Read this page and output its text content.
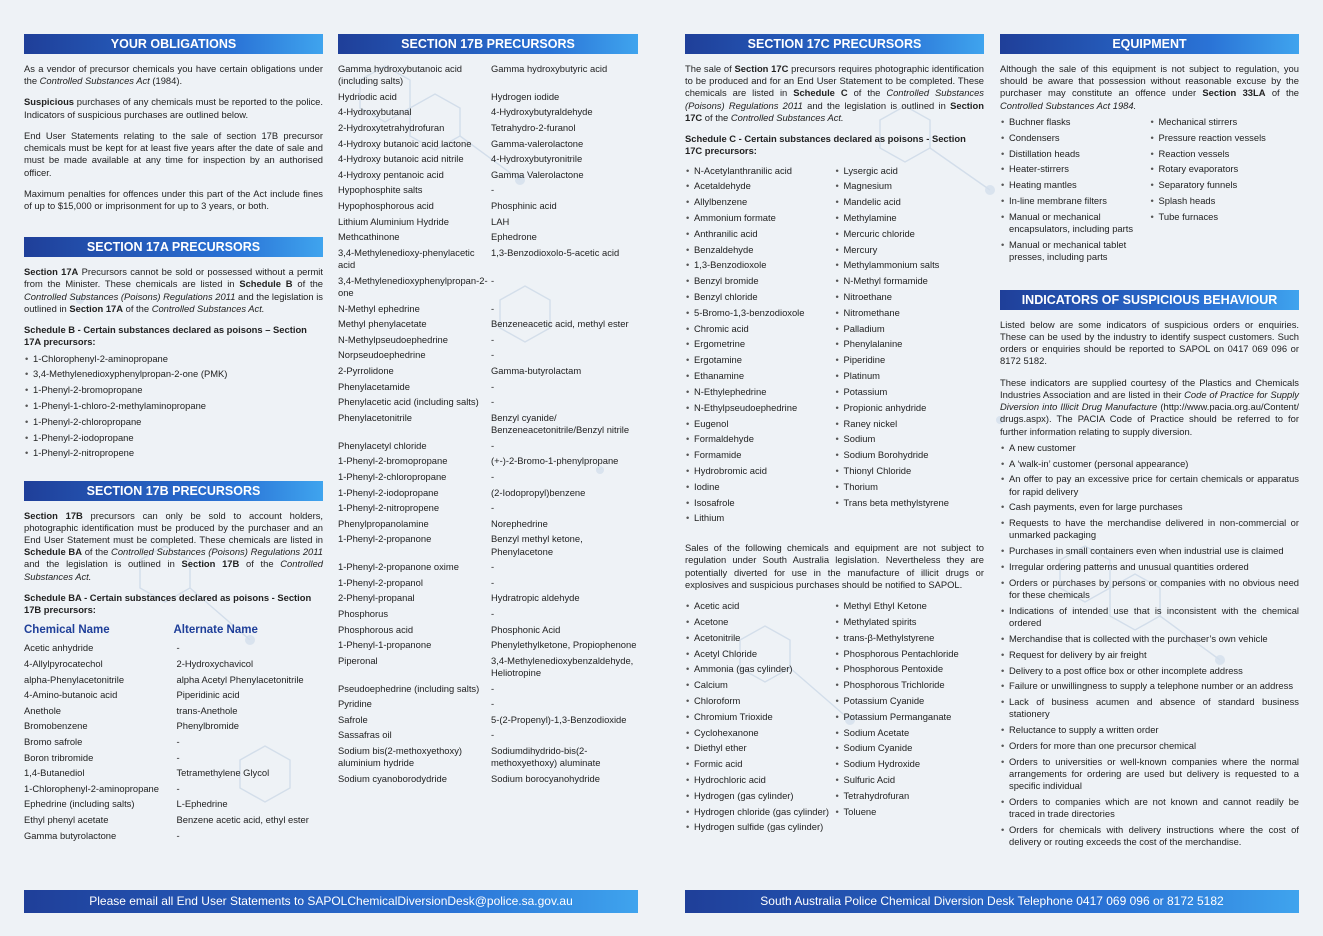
YOUR OBLIGATIONS

As a vendor of precursor chemicals you have certain obligations under the Controlled Substances Act (1984).

Suspicious purchases of any chemicals must be reported to the police. Indicators of suspicious purchases are outlined below.

End User Statements relating to the sale of section 17B precursor chemicals must be kept for at least five years after the date of sale and must be made available at any time for inspection by an authorised officer.

Maximum penalties for offences under this part of the Act include fines of up to $15,000 or imprisonment for up to 3 years, or both.

SECTION 17A PRECURSORS

Section 17A Precursors cannot be sold or possessed without a permit from the Minister. These chemicals are listed in Schedule B of the Controlled Substances (Poisons) Regulations 2011 and the legislation is outlined in Section 17A of the Controlled Substances Act.

Schedule B - Certain substances declared as poisons – Section 17A precursors:

• 1-Chlorophenyl-2-aminopropane
• 3,4-Methylenedioxyphenylpropan-2-one (PMK)
• 1-Phenyl-2-bromopropane
• 1-Phenyl-1-chloro-2-methylaminopropane
• 1-Phenyl-2-chloropropane
• 1-Phenyl-2-iodopropane
• 1-Phenyl-2-nitropropene
SECTION 17B PRECURSORS

Section 17B precursors can only be sold to account holders, photographic identification must be produced by the purchaser and an End User Statement must be completed. These chemicals are listed in Schedule BA of the Controlled Substances (Poisons) Regulations 2011 and the legislation is outlined in Section 17B of the Controlled Substances Act.

Schedule BA - Certain substances declared as poisons - Section 17B precursors:

Chemical Name	Alternate Name
Acetic anhydride	-
4-Allylpyrocatechol	2-Hydroxychavicol
alpha-Phenylacetonitrile	alpha Acetyl Phenylacetonitrile
4-Amino-butanoic acid	Piperidinic acid
Anethole	trans-Anethole
Bromobenzene	Phenylbromide
Bromo safrole	-
Boron tribromide	-
1,4-Butanediol	Tetramethylene Glycol
1-Chlorophenyl-2-aminopropane	-
Ephedrine (including salts)	L-Ephedrine
Ethyl phenyl acetate	Benzene acetic acid, ethyl ester
Gamma butyrolactone	-
SECTION 17B PRECURSORS
Gamma hydroxybutanoic acid (including salts)	Gamma hydroxybutyric acid
Hydriodic acid	Hydrogen iodide
4-Hydroxybutanal	4-Hydroxybutyraldehyde
2-Hydroxytetrahydrofuran	Tetrahydro-2-furanol
4-Hydroxy butanoic acid lactone	Gamma-valerolactone
4-Hydroxy butanoic acid nitrile	4-Hydroxybutyronitrile
4-Hydroxy pentanoic acid	Gamma Valerolactone
Hypophosphite salts	-
Hypophosphorous acid	Phosphinic acid
Lithium Aluminium Hydride	LAH
Methcathinone	Ephedrone
3,4-Methylenedioxy-phenylacetic acid	1,3-Benzodioxolo-5-acetic acid
3,4-Methylenedioxyphenylpropan-2-one	-
N-Methyl ephedrine	-
Methyl phenylacetate	Benzeneacetic acid, methyl ester
N-Methylpseudoephedrine	-
Norpseudoephedrine	-
2-Pyrrolidone	Gamma-butyrolactam
Phenylacetamide	-
Phenylacetic acid (including salts)	-
Phenylacetonitrile	Benzyl cyanide/ Benzeneacetonitrile/Benzyl nitrile
Phenylacetyl chloride	-
1-Phenyl-2-bromopropane	(+-)-2-Bromo-1-phenylpropane
1-Phenyl-2-chloropropane	-
1-Phenyl-2-iodopropane	(2-Iodopropyl)benzene
1-Phenyl-2-nitropropene	-
Phenylpropanolamine	Norephedrine
1-Phenyl-2-propanone	Benzyl methyl ketone, Phenylacetone
1-Phenyl-2-propanone oxime	-
1-Phenyl-2-propanol	-
2-Phenyl-propanal	Hydratropic aldehyde
Phosphorus	-
Phosphorous acid	Phosphonic Acid
1-Phenyl-1-propanone	Phenylethylketone, Propiophenone
Piperonal	3,4-Methylenedioxybenzaldehyde, Heliotropine
Pseudoephedrine (including salts)	-
Pyridine	-
Safrole	5-(2-Propenyl)-1,3-Benzodioxide
Sassafras oil	-
Sodium bis(2-methoxyethoxy) aluminium hydride	Sodiumdihydrido-bis(2-methoxyethoxy) aluminate
Sodium cyanoborodydride	Sodium borocyanohydride
SECTION 17C PRECURSORS

The sale of Section 17C precursors requires photographic identification to be produced and for an End User Statement to be completed. These chemicals are listed in Schedule C of the Controlled Substances (Poisons) Regulations 2011 and the legislation is outlined in Section 17C of the Controlled Substances Act.

Schedule C - Certain substances declared as poisons - Section 17C precursors:

• N-Acetylanthranilic acid
• Acetaldehyde
• Allylbenzene
• Ammonium formate
• Anthranilic acid
• Benzaldehyde
• 1,3-Benzodioxole
• Benzyl bromide
• Benzyl chloride
• 5-Bromo-1,3-benzodioxole
• Chromic acid
• Ergometrine
• Ergotamine
• Ethanamine
• N-Ethylephedrine
• N-Ethylpseudoephedrine
• Eugenol
• Formaldehyde
• Formamide
• Hydrobromic acid
• Iodine
• Isosafrole
• Lithium
• Lysergic acid
• Magnesium
• Mandelic acid
• Methylamine
• Mercuric chloride
• Mercury
• Methylammonium salts
• N-Methyl formamide
• Nitroethane
• Nitromethane
• Palladium
• Phenylalanine
• Piperidine
• Platinum
• Potassium
• Propionic anhydride
• Raney nickel
• Sodium
• Sodium Borohydride
• Thionyl Chloride
• Thorium
• Trans beta methylstyrene

Sales of the following chemicals and equipment are not subject to regulation under South Australia legislation. Nevertheless they are potentially diverted for use in the manufacture of illicit drugs or explosives and suspicious purchases should be notified to SAPOL.

• Acetic acid
• Acetone
• Acetonitrile
• Acetyl Chloride
• Ammonia (gas cylinder)
• Calcium
• Chloroform
• Chromium Trioxide
• Cyclohexanone
• Diethyl ether
• Formic acid
• Hydrochloric acid
• Hydrogen (gas cylinder)
• Hydrogen chloride (gas cylinder)
• Hydrogen sulfide (gas cylinder)
• Methyl Ethyl Ketone
• Methylated spirits
• trans-β-Methylstyrene
• Phosphorous Pentachloride
• Phosphorous Pentoxide
• Phosphorous Trichloride
• Potassium Cyanide
• Potassium Permanganate
• Sodium Acetate
• Sodium Cyanide
• Sodium Hydroxide
• Sulfuric Acid
• Tetrahydrofuran
• Toluene
EQUIPMENT

Although the sale of this equipment is not subject to regulation, you should be aware that possession without reasonable excuse by the purchaser may constitute an offence under Section 33LA of the Controlled Substances Act 1984.

• Buchner flasks
• Condensers
• Distillation heads
• Heater-stirrers
• Heating mantles
• In-line membrane filters
• Manual or mechanical encapsulators, including parts
• Manual or mechanical tablet presses, including parts
• Mechanical stirrers
• Pressure reaction vessels
• Reaction vessels
• Rotary evaporators
• Separatory funnels
• Splash heads
• Tube furnaces
INDICATORS OF SUSPICIOUS BEHAVIOUR

Listed below are some indicators of suspicious orders or enquiries. These can be used by the industry to identify suspect customers. Such orders or enquiries should be reported to SAPOL on 0417 069 096 or 8172 5182.

These indicators are supplied courtesy of the Plastics and Chemicals Industries Association and are listed in their Code of Practice for Supply Diversion into Illicit Drug Manufacture (http://www.pacia.org.au/Content/ drugs.aspx). The PACIA Code of Practice should be referred to for further information relating to supply diversion.

• A new customer
• A ‘walk-in’ customer (personal appearance)
• An offer to pay an excessive price for certain chemicals or apparatus for rapid delivery
• Cash payments, even for large purchases
• Requests to have the merchandise delivered in non-commercial or unmarked packaging
• Purchases in small containers even when industrial use is claimed
• Irregular ordering patterns and unusual quantities ordered
• Orders or purchases by persons or companies with no obvious need for these chemicals
• Indications of intended use that is inconsistent with the chemical ordered
• Merchandise that is collected with the purchaser’s own vehicle
• Request for delivery by air freight
• Delivery to a post office box or other incomplete address
• Failure or unwillingness to supply a telephone number or an address
• Lack of business acumen and absence of standard business stationery
• Reluctance to supply a written order
• Orders for more than one precursor chemical
• Orders to universities or well-known companies where the normal arrangements for ordering are used but delivery is requested to a specific individual
• Orders to companies which are not known and cannot readily be traced in trade directories
• Orders for chemicals with delivery instructions where the cost of delivery or routing exceeds the cost of the merchandise.
Please email all End User Statements to SAPOLChemicalDiversionDesk@police.sa.gov.au	South Australia Police Chemical Diversion Desk Telephone 0417 069 096 or 8172 5182
